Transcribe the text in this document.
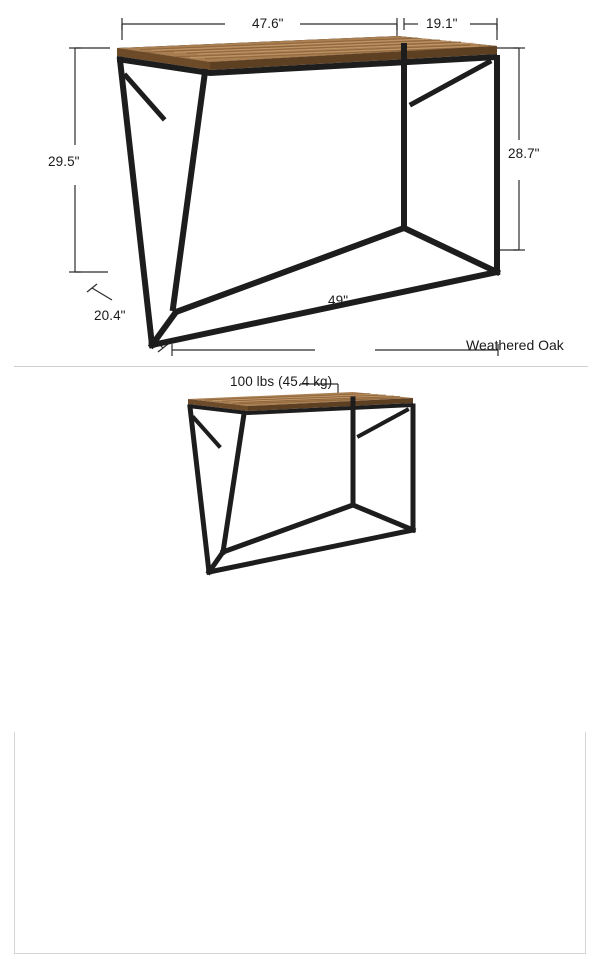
47.6"	19.1"
29.5"
28.7"
20.4"
49"
Weathered Oak
100 lbs (45.4 kg)
